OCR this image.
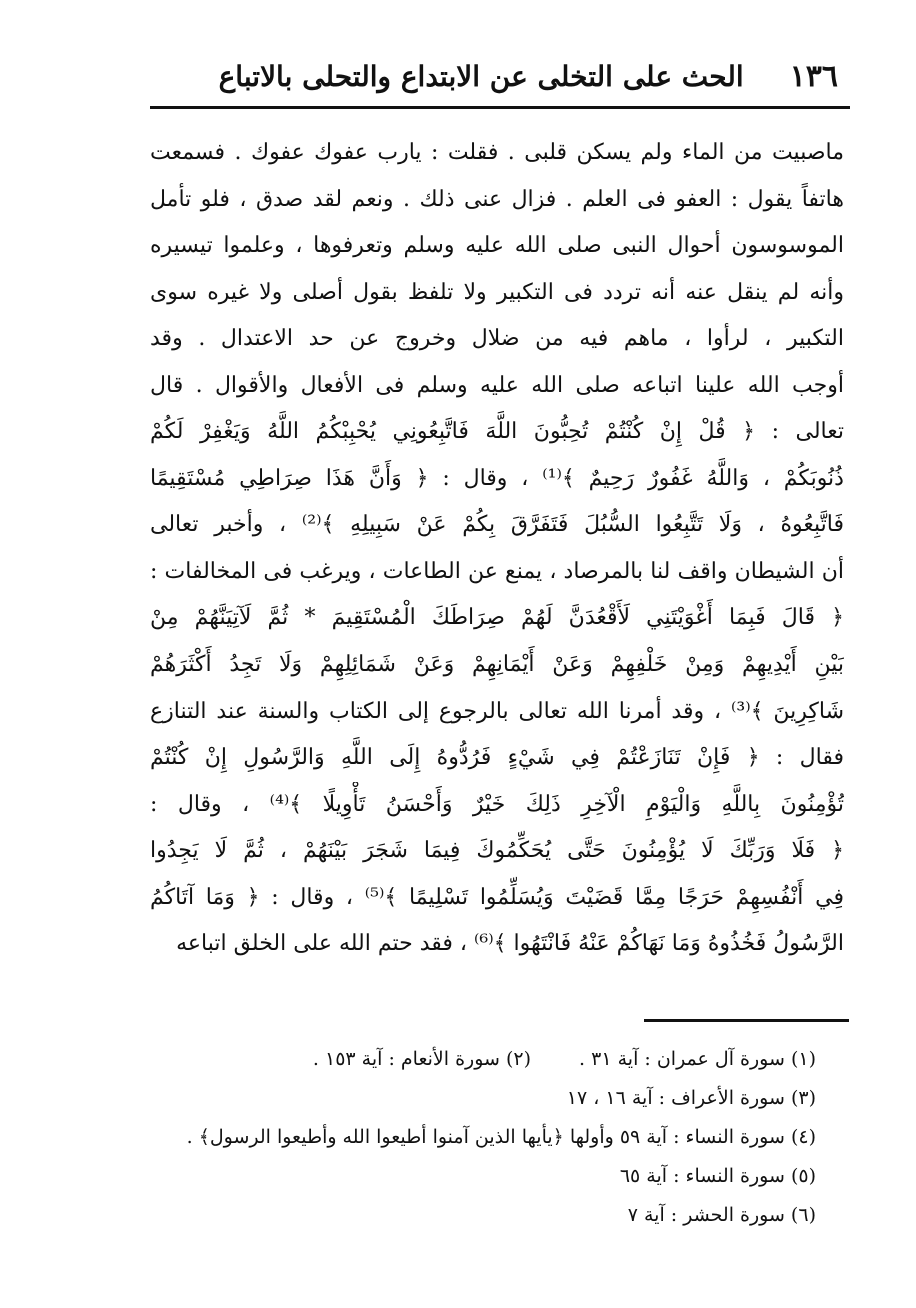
١٣٦
الحث على التخلى عن الابتداع والتحلى بالاتباع
ماصبيت من الماء ولم يسكن قلبى . فقلت : يارب عفوك عفوك . فسمعت
هاتفاً يقول : العفو فى العلم . فزال عنى ذلك . ونعم لقد صدق ، فلو تأمل
الموسوسون أحوال النبى صلى الله عليه وسلم وتعرفوها ، وعلموا تيسيره
وأنه لم ينقل عنه أنه تردد فى التكبير ولا تلفظ بقول أصلى ولا غيره سوى
التكبير ، لرأوا ، ماهم فيه من ضلال وخروج عن حد الاعتدال . وقد
أوجب الله علينا اتباعه صلى الله عليه وسلم فى الأفعال والأقوال . قال
تعالى : ﴿ قُلْ إِنْ كُنْتُمْ تُحِبُّونَ اللَّهَ فَاتَّبِعُونِي يُحْبِبْكُمُ اللَّهُ وَيَغْفِرْ لَكُمْ
ذُنُوبَكُمْ ، وَاللَّهُ غَفُورٌ رَحِيمٌ ﴾⁽¹⁾ ، وقال : ﴿ وَأَنَّ هَذَا صِرَاطِي مُسْتَقِيمًا
فَاتَّبِعُوهُ ، وَلَا تَتَّبِعُوا السُّبُلَ فَتَفَرَّقَ بِكُمْ عَنْ سَبِيلِهِ ﴾⁽²⁾ ، وأخبر تعالى
أن الشيطان واقف لنا بالمرصاد ، يمنع عن الطاعات ، ويرغب فى المخالفات :
﴿ قَالَ فَبِمَا أَغْوَيْتَنِي لَأَقْعُدَنَّ لَهُمْ صِرَاطَكَ الْمُسْتَقِيمَ * ثُمَّ لَآتِيَنَّهُمْ مِنْ
بَيْنِ أَيْدِيهِمْ وَمِنْ خَلْفِهِمْ وَعَنْ أَيْمَانِهِمْ وَعَنْ شَمَائِلِهِمْ وَلَا تَجِدُ أَكْثَرَهُمْ
شَاكِرِينَ ﴾⁽³⁾ ، وقد أمرنا الله تعالى بالرجوع إلى الكتاب والسنة عند التنازع
فقال : ﴿ فَإِنْ تَنَازَعْتُمْ فِي شَيْءٍ فَرُدُّوهُ إِلَى اللَّهِ وَالرَّسُولِ إِنْ كُنْتُمْ
تُؤْمِنُونَ بِاللَّهِ وَالْيَوْمِ الْآخِرِ ذَلِكَ خَيْرٌ وَأَحْسَنُ تَأْوِيلًا ﴾⁽⁴⁾ ، وقال :
﴿ فَلَا وَرَبِّكَ لَا يُؤْمِنُونَ حَتَّى يُحَكِّمُوكَ فِيمَا شَجَرَ بَيْنَهُمْ ، ثُمَّ لَا يَجِدُوا
فِي أَنْفُسِهِمْ حَرَجًا مِمَّا قَضَيْتَ وَيُسَلِّمُوا تَسْلِيمًا ﴾⁽⁵⁾ ، وقال : ﴿ وَمَا آتَاكُمُ
الرَّسُولُ فَخُذُوهُ وَمَا نَهَاكُمْ عَنْهُ فَانْتَهُوا ﴾⁽⁶⁾ ، فقد حتم الله على الخلق اتباعه
(١) سورة آل عمران : آية ٣١ .(٢) سورة الأنعام : آية ١٥٣ .
(٣) سورة الأعراف : آية ١٦ ، ١٧
(٤) سورة النساء : آية ٥٩ وأولها ﴿يأيها الذين آمنوا أطيعوا الله وأطيعوا الرسول﴾ .
(٥) سورة النساء : آية ٦٥
(٦) سورة الحشر : آية ٧
